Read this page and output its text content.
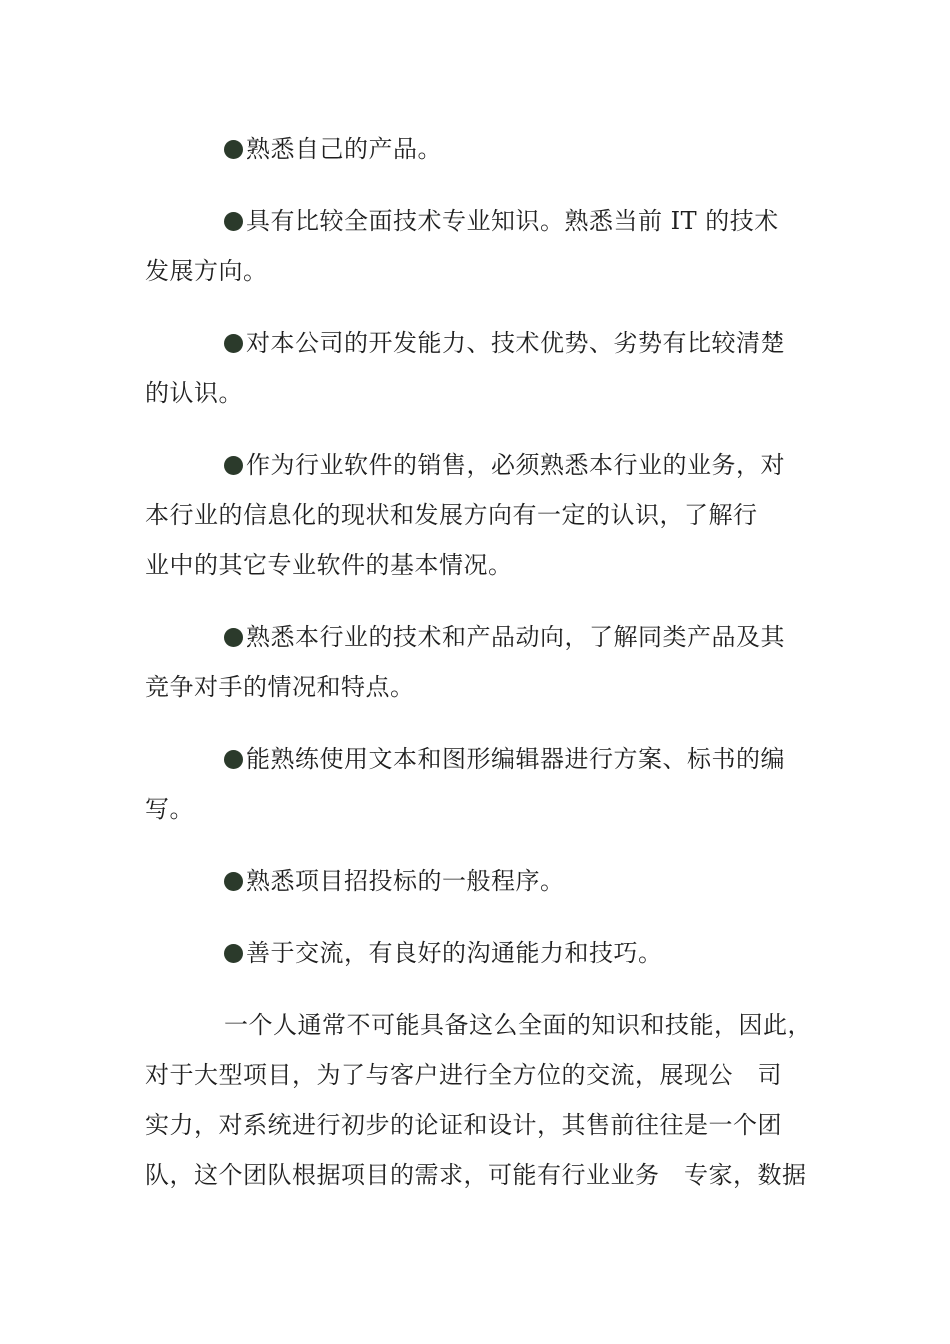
熟悉自己的产品。
具有比较全面技术专业知识。熟悉当前 IT 的技术
发展方向。
对本公司的开发能力、技术优势、劣势有比较清楚
的认识。
作为行业软件的销售，必须熟悉本行业的业务，对
本行业的信息化的现状和发展方向有一定的认识，了解行
业中的其它专业软件的基本情况。
熟悉本行业的技术和产品动向，了解同类产品及其
竞争对手的情况和特点。
能熟练使用文本和图形编辑器进行方案、标书的编
写。
熟悉项目招投标的一般程序。
善于交流，有良好的沟通能力和技巧。
一个人通常不可能具备这么全面的知识和技能，因此，
对于大型项目，为了与客户进行全方位的交流，展现公　司
实力，对系统进行初步的论证和设计，其售前往往是一个团
队，这个团队根据项目的需求，可能有行业业务　专家，数据
